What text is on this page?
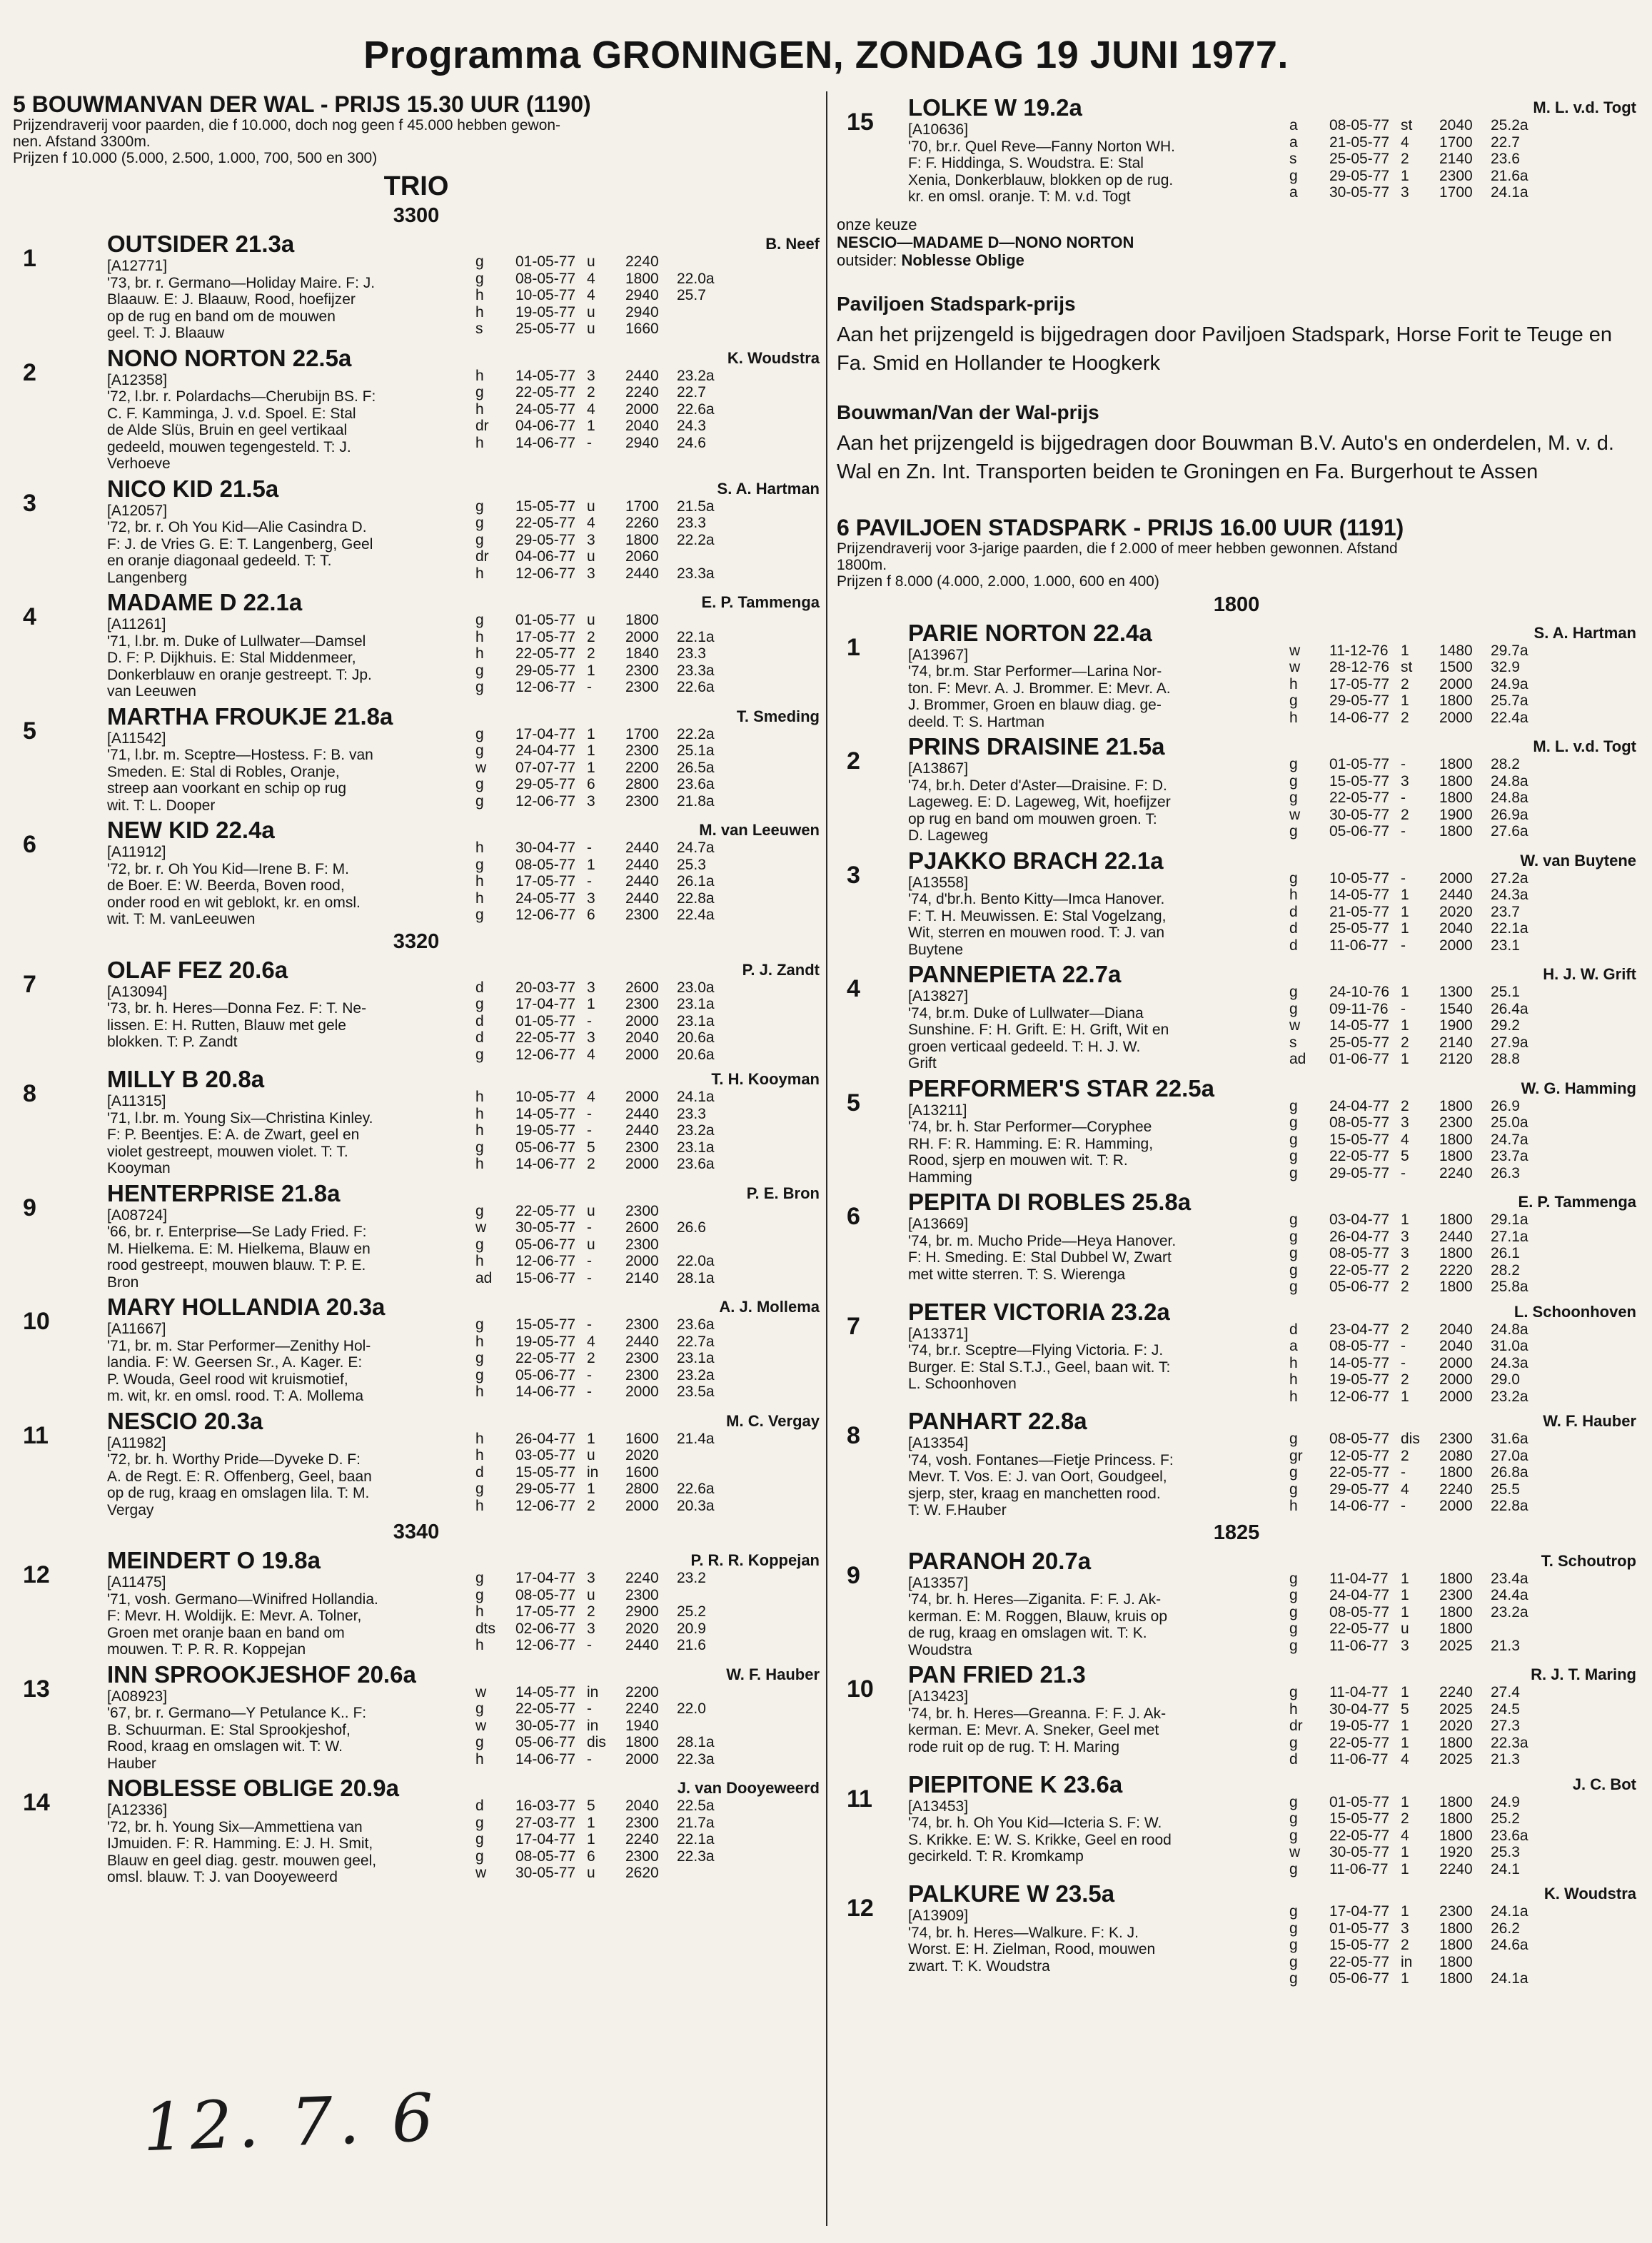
Programma GRONINGEN, ZONDAG 19 JUNI 1977.
5 BOUWMANVAN DER WAL - PRIJS 15.30 UUR (1190)
Prijzendraverij voor paarden, die f 10.000, doch nog geen f 45.000 hebben gewon-
nen. Afstand 3300m.
Prijzen f 10.000 (5.000, 2.500, 1.000, 700, 500 en 300)
TRIO
3300
1
OUTSIDER 21.3a
[A12771]
'73, br. r. Germano—Holiday Maire. F: J.
Blaauw. E: J. Blaauw, Rood, hoefijzer
op de rug en band om de mouwen
geel. T: J. Blaauw
B. Neef
g	01-05-77	u	2240	
g	08-05-77	4	1800	22.0a
h	10-05-77	4	2940	25.7
h	19-05-77	u	2940	
s	25-05-77	u	1660	
2
NONO NORTON 22.5a
[A12358]
'72, l.br. r. Polardachs—Cherubijn BS. F:
C. F. Kamminga, J. v.d. Spoel. E: Stal
de Alde Slüs, Bruin en geel vertikaal
gedeeld, mouwen tegengesteld. T: J.
Verhoeve
K. Woudstra
h	14-05-77	3	2440	23.2a
g	22-05-77	2	2240	22.7
h	24-05-77	4	2000	22.6a
dr	04-06-77	1	2040	24.3
h	14-06-77	-	2940	24.6
3
NICO KID 21.5a
[A12057]
'72, br. r. Oh You Kid—Alie Casindra D.
F: J. de Vries G. E: T. Langenberg, Geel
en oranje diagonaal gedeeld. T: T.
Langenberg
S. A. Hartman
g	15-05-77	u	1700	21.5a
g	22-05-77	4	2260	23.3
g	29-05-77	3	1800	22.2a
dr	04-06-77	u	2060	
h	12-06-77	3	2440	23.3a
4
MADAME D 22.1a
[A11261]
'71, l.br. m. Duke of Lullwater—Damsel
D. F: P. Dijkhuis. E: Stal Middenmeer,
Donkerblauw en oranje gestreept. T: Jp.
van Leeuwen
E. P. Tammenga
g	01-05-77	u	1800	
h	17-05-77	2	2000	22.1a
h	22-05-77	2	1840	23.3
g	29-05-77	1	2300	23.3a
g	12-06-77	-	2300	22.6a
5
MARTHA FROUKJE 21.8a
[A11542]
'71, l.br. m. Sceptre—Hostess. F: B. van
Smeden. E: Stal di Robles, Oranje,
streep aan voorkant en schip op rug
wit. T: L. Dooper
T. Smeding
g	17-04-77	1	1700	22.2a
g	24-04-77	1	2300	25.1a
w	07-07-77	1	2200	26.5a
g	29-05-77	6	2800	23.6a
g	12-06-77	3	2300	21.8a
6
NEW KID 22.4a
[A11912]
'72, br. r. Oh You Kid—Irene B. F: M.
de Boer. E: W. Beerda, Boven rood,
onder rood en wit geblokt, kr. en omsl.
wit. T: M. vanLeeuwen
M. van Leeuwen
h	30-04-77	-	2440	24.7a
g	08-05-77	1	2440	25.3
h	17-05-77	-	2440	26.1a
h	24-05-77	3	2440	22.8a
g	12-06-77	6	2300	22.4a
3320
7
OLAF FEZ 20.6a
[A13094]
'73, br. h. Heres—Donna Fez. F: T. Ne-
lissen. E: H. Rutten, Blauw met gele
blokken. T: P. Zandt
P. J. Zandt
d	20-03-77	3	2600	23.0a
g	17-04-77	1	2300	23.1a
d	01-05-77	-	2000	23.1a
d	22-05-77	3	2040	20.6a
g	12-06-77	4	2000	20.6a
8
MILLY B 20.8a
[A11315]
'71, l.br. m. Young Six—Christina Kinley.
F: P. Beentjes. E: A. de Zwart, geel en
violet gestreept, mouwen violet. T: T.
Kooyman
T. H. Kooyman
h	10-05-77	4	2000	24.1a
h	14-05-77	-	2440	23.3
h	19-05-77	-	2440	23.2a
g	05-06-77	5	2300	23.1a
h	14-06-77	2	2000	23.6a
9
HENTERPRISE 21.8a
[A08724]
'66, br. r. Enterprise—Se Lady Fried. F:
M. Hielkema. E: M. Hielkema, Blauw en
rood gestreept, mouwen blauw. T: P. E.
Bron
P. E. Bron
g	22-05-77	u	2300	
w	30-05-77	-	2600	26.6
g	05-06-77	u	2300	
h	12-06-77	-	2000	22.0a
ad	15-06-77	-	2140	28.1a
10
MARY HOLLANDIA 20.3a
[A11667]
'71, br. m. Star Performer—Zenithy Hol-
landia. F: W. Geersen Sr., A. Kager. E:
P. Wouda, Geel rood wit kruismotief,
m. wit, kr. en omsl. rood. T: A. Mollema
A. J. Mollema
g	15-05-77	-	2300	23.6a
h	19-05-77	4	2440	22.7a
g	22-05-77	2	2300	23.1a
g	05-06-77	-	2300	23.2a
h	14-06-77	-	2000	23.5a
11
NESCIO 20.3a
[A11982]
'72, br. h. Worthy Pride—Dyveke D. F:
A. de Regt. E: R. Offenberg, Geel, baan
op de rug, kraag en omslagen lila. T: M.
Vergay
M. C. Vergay
h	26-04-77	1	1600	21.4a
h	03-05-77	u	2020	
d	15-05-77	in	1600	
g	29-05-77	1	2800	22.6a
h	12-06-77	2	2000	20.3a
3340
12
MEINDERT O 19.8a
[A11475]
'71, vosh. Germano—Winifred Hollandia.
F: Mevr. H. Woldijk. E: Mevr. A. Tolner,
Groen met oranje baan en band om
mouwen. T: P. R. R. Koppejan
P. R. R. Koppejan
g	17-04-77	3	2240	23.2
g	08-05-77	u	2300	
h	17-05-77	2	2900	25.2
dts	02-06-77	3	2020	20.9
h	12-06-77	-	2440	21.6
13
INN SPROOKJESHOF 20.6a
[A08923]
'67, br. r. Germano—Y Petulance K.. F:
B. Schuurman. E: Stal Sprookjeshof,
Rood, kraag en omslagen wit. T: W.
Hauber
W. F. Hauber
w	14-05-77	in	2200	
g	22-05-77	-	2240	22.0
w	30-05-77	in	1940	
g	05-06-77	dis	1800	28.1a
h	14-06-77	-	2000	22.3a
14
NOBLESSE OBLIGE 20.9a
[A12336]
'72, br. h. Young Six—Ammettiena van
IJmuiden. F: R. Hamming. E: J. H. Smit,
Blauw en geel diag. gestr. mouwen geel,
omsl. blauw. T: J. van Dooyeweerd
J. van Dooyeweerd
d	16-03-77	5	2040	22.5a
g	27-03-77	1	2300	21.7a
g	17-04-77	1	2240	22.1a
g	08-05-77	6	2300	22.3a
w	30-05-77	u	2620	
15
LOLKE W 19.2a
[A10636]
'70, br.r. Quel Reve—Fanny Norton WH.
F: F. Hiddinga, S. Woudstra. E: Stal
Xenia, Donkerblauw, blokken op de rug.
kr. en omsl. oranje. T: M. v.d. Togt
M. L. v.d. Togt
a	08-05-77	st	2040	25.2a
a	21-05-77	4	1700	22.7
s	25-05-77	2	2140	23.6
g	29-05-77	1	2300	21.6a
a	30-05-77	3	1700	24.1a
onze keuze
NESCIO—MADAME D—NONO NORTON
outsider: Noblesse Oblige
Paviljoen Stadspark-prijs
Aan het prijzengeld is bijgedragen door Paviljoen Stadspark, Horse Forit te Teuge en Fa. Smid en Hollander te Hoogkerk
Bouwman/Van der Wal-prijs
Aan het prijzengeld is bijgedragen door Bouwman B.V. Auto's en onderdelen, M. v. d. Wal en Zn. Int. Transporten beiden te Groningen en Fa. Burgerhout te Assen
6 PAVILJOEN STADSPARK - PRIJS 16.00 UUR (1191)
Prijzendraverij voor 3-jarige paarden, die f 2.000 of meer hebben gewonnen. Afstand
1800m.
Prijzen f 8.000 (4.000, 2.000, 1.000, 600 en 400)
1800
1
PARIE NORTON 22.4a
[A13967]
'74, br.m. Star Performer—Larina Nor-
ton. F: Mevr. A. J. Brommer. E: Mevr. A.
J. Brommer, Groen en blauw diag. ge-
deeld. T: S. Hartman
S. A. Hartman
w	11-12-76	1	1480	29.7a
w	28-12-76	st	1500	32.9
h	17-05-77	2	2000	24.9a
g	29-05-77	1	1800	25.7a
h	14-06-77	2	2000	22.4a
2
PRINS DRAISINE 21.5a
[A13867]
'74, br.h. Deter d'Aster—Draisine. F: D.
Lageweg. E: D. Lageweg, Wit, hoefijzer
op rug en band om mouwen groen. T:
D. Lageweg
M. L. v.d. Togt
g	01-05-77	-	1800	28.2
g	15-05-77	3	1800	24.8a
g	22-05-77	-	1800	24.8a
w	30-05-77	2	1900	26.9a
g	05-06-77	-	1800	27.6a
3
PJAKKO BRACH 22.1a
[A13558]
'74, d'br.h. Bento Kitty—Imca Hanover.
F: T. H. Meuwissen. E: Stal Vogelzang,
Wit, sterren en mouwen rood. T: J. van
Buytene
W. van Buytene
g	10-05-77	-	2000	27.2a
h	14-05-77	1	2440	24.3a
d	21-05-77	1	2020	23.7
d	25-05-77	1	2040	22.1a
d	11-06-77	-	2000	23.1
4
PANNEPIETA 22.7a
[A13827]
'74, br.m. Duke of Lullwater—Diana
Sunshine. F: H. Grift. E: H. Grift, Wit en
groen verticaal gedeeld. T: H. J. W.
Grift
H. J. W. Grift
g	24-10-76	1	1300	25.1
g	09-11-76	-	1540	26.4a
w	14-05-77	1	1900	29.2
s	25-05-77	2	2140	27.9a
ad	01-06-77	1	2120	28.8
5
PERFORMER'S STAR 22.5a
[A13211]
'74, br. h. Star Performer—Coryphee
RH. F: R. Hamming. E: R. Hamming,
Rood, sjerp en mouwen wit. T: R.
Hamming
W. G. Hamming
g	24-04-77	2	1800	26.9
g	08-05-77	3	2300	25.0a
g	15-05-77	4	1800	24.7a
g	22-05-77	5	1800	23.7a
g	29-05-77	-	2240	26.3
6
PEPITA DI ROBLES 25.8a
[A13669]
'74, br. m. Mucho Pride—Heya Hanover.
F: H. Smeding. E: Stal Dubbel W, Zwart
met witte sterren. T: S. Wierenga
E. P. Tammenga
g	03-04-77	1	1800	29.1a
g	26-04-77	3	2440	27.1a
g	08-05-77	3	1800	26.1
g	22-05-77	2	2220	28.2
g	05-06-77	2	1800	25.8a
7
PETER VICTORIA 23.2a
[A13371]
'74, br.r. Sceptre—Flying Victoria. F: J.
Burger. E: Stal S.T.J., Geel, baan wit. T:
L. Schoonhoven
L. Schoonhoven
d	23-04-77	2	2040	24.8a
a	08-05-77	-	2040	31.0a
h	14-05-77	-	2000	24.3a
h	19-05-77	2	2000	29.0
h	12-06-77	1	2000	23.2a
8
PANHART 22.8a
[A13354]
'74, vosh. Fontanes—Fietje Princess. F:
Mevr. T. Vos. E: J. van Oort, Goudgeel,
sjerp, ster, kraag en manchetten rood.
T: W. F.Hauber
W. F. Hauber
g	08-05-77	dis	2300	31.6a
gr	12-05-77	2	2080	27.0a
g	22-05-77	-	1800	26.8a
g	29-05-77	4	2240	25.5
h	14-06-77	-	2000	22.8a
1825
9
PARANOH 20.7a
[A13357]
'74, br. h. Heres—Ziganita. F: F. J. Ak-
kerman. E: M. Roggen, Blauw, kruis op
de rug, kraag en omslagen wit. T: K.
Woudstra
T. Schoutrop
g	11-04-77	1	1800	23.4a
g	24-04-77	1	2300	24.4a
g	08-05-77	1	1800	23.2a
g	22-05-77	u	1800	
g	11-06-77	3	2025	21.3
10
PAN FRIED 21.3
[A13423]
'74, br. h. Heres—Greanna. F: F. J. Ak-
kerman. E: Mevr. A. Sneker, Geel met
rode ruit op de rug. T: H. Maring
R. J. T. Maring
g	11-04-77	1	2240	27.4
h	30-04-77	5	2025	24.5
dr	19-05-77	1	2020	27.3
g	22-05-77	1	1800	22.3a
d	11-06-77	4	2025	21.3
11
PIEPITONE K 23.6a
[A13453]
'74, br. h. Oh You Kid—Icteria S. F: W.
S. Krikke. E: W. S. Krikke, Geel en rood
gecirkeld. T: R. Kromkamp
J. C. Bot
g	01-05-77	1	1800	24.9
g	15-05-77	2	1800	25.2
g	22-05-77	4	1800	23.6a
w	30-05-77	1	1920	25.3
g	11-06-77	1	2240	24.1
12
PALKURE W 23.5a
[A13909]
'74, br. h. Heres—Walkure. F: K. J.
Worst. E: H. Zielman, Rood, mouwen
zwart. T: K. Woudstra
K. Woudstra
g	17-04-77	1	2300	24.1a
g	01-05-77	3	1800	26.2
g	15-05-77	2	1800	24.6a
g	22-05-77	in	1800	
g	05-06-77	1	1800	24.1a
12. 7. 6
